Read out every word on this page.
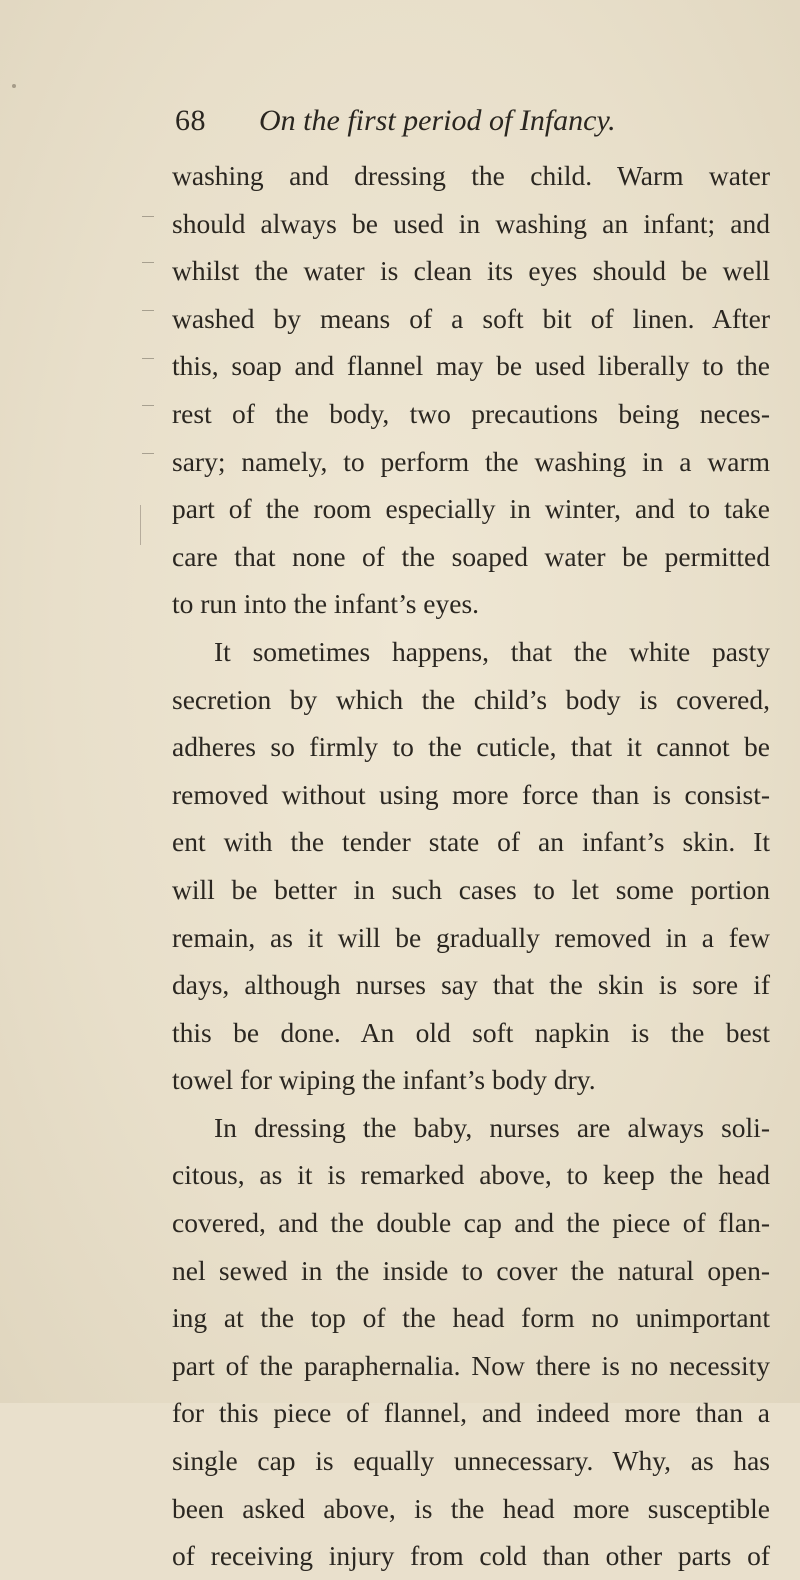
68 On the first period of Infancy.
washing and dressing the child. Warm water
should always be used in washing an infant; and
whilst the water is clean its eyes should be well
washed by means of a soft bit of linen. After
this, soap and flannel may be used liberally to the
rest of the body, two precautions being neces-
sary; namely, to perform the washing in a warm
part of the room especially in winter, and to take
care that none of the soaped water be permitted
to run into the infant’s eyes.
It sometimes happens, that the white pasty
secretion by which the child’s body is covered,
adheres so firmly to the cuticle, that it cannot be
removed without using more force than is consist-
ent with the tender state of an infant’s skin. It
will be better in such cases to let some portion
remain, as it will be gradually removed in a few
days, although nurses say that the skin is sore if
this be done. An old soft napkin is the best
towel for wiping the infant’s body dry.
In dressing the baby, nurses are always soli-
citous, as it is remarked above, to keep the head
covered, and the double cap and the piece of flan-
nel sewed in the inside to cover the natural open-
ing at the top of the head form no unimportant
part of the paraphernalia. Now there is no necessity
for this piece of flannel, and indeed more than a
single cap is equally unnecessary. Why, as has
been asked above, is the head more susceptible
of receiving injury from cold than other parts of
